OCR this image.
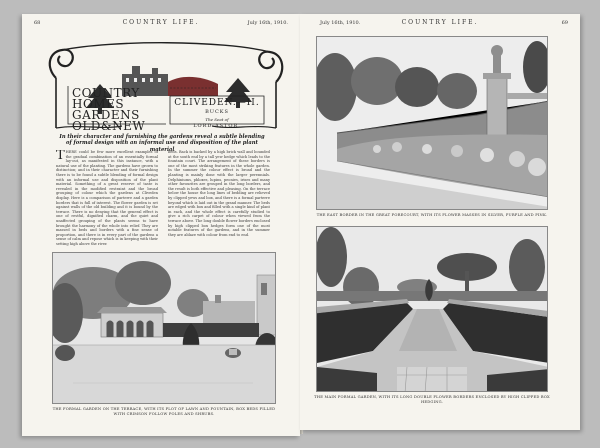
68	COUNTRY LIFE.	July 16th, 1910.
COUNTRY
HOMES
GARDENS
OLD&NEW
CLIVEDEN.—II.
BUCKS
The Seat of
LORD ASTOR.
In their character and furnishing the gardens reveal a subtle blending of formal design with an informal use and disposition of the plant material
THERE could be few more excellent examples of the gradual combination of an essentially formal lay-out, as manifested in this instance, with a natural use of the planting. The gardens have grown to distinction; and in their character and their furnishing there is to be found a subtle blending of formal design with an informal use and disposition of the plant material. Something of a great reserve of taste is revealed in the modified restraint and the broad grouping of colour which the gardens at Cliveden display. Here is a comparison of parterre and a garden borders that is full of interest. The flower garden is set against walls of the old building and it is bound by the terrace. There is no denying that the general effect is one of restful, dignified charm, and the quiet and unaffected grouping of the plants seems to have brought the harmony of the whole into relief. They are massed in beds and borders with a fine sense of proportion, and there is in every part of the gardens a sense of calm and repose which is in keeping with their setting high above the river.
beds. Back is backed by a high brick wall and bounded at the south end by a tall yew hedge which leads to the fountain court. The arrangement of these borders is one of the most striking features in the whole garden. In the summer the colour effect is broad and the planting is mainly done with the larger perennials. Delphiniums, phloxes, lupins, peonies, irises and many other favourites are grouped in the long borders, and the result is both effective and pleasing. On the terrace below the house the long lines of bedding are relieved by clipped yews and box, and there is a formal parterre beyond which is laid out in the grand manner. The beds are edged with box and filled with a single kind of plant in each, and the whole effect is carefully studied to give a rich carpet of colour when viewed from the terrace above. The long double flower borders enclosed by high clipped box hedges form one of the most notable features of the gardens, and in the summer they are ablaze with colour from end to end.
THE FORMAL GARDEN ON THE TERRACE, WITH ITS PLOT OF LAWN AND FOUNTAIN, BOX BEDS FILLED WITH CRIMSON FOLLOW POLES AND SHRUBS.
July 16th, 1910.	COUNTRY LIFE.	69
THE EAST BORDER IN THE GREAT FORECOURT, WITH ITS FLOWER MASSES IN SILVER, PURPLE AND PINK.
THE MAIN FORMAL GARDEN, WITH ITS LONG DOUBLE FLOWER BORDERS ENCLOSED BY HIGH CLIPPED BOX HEDGING.
